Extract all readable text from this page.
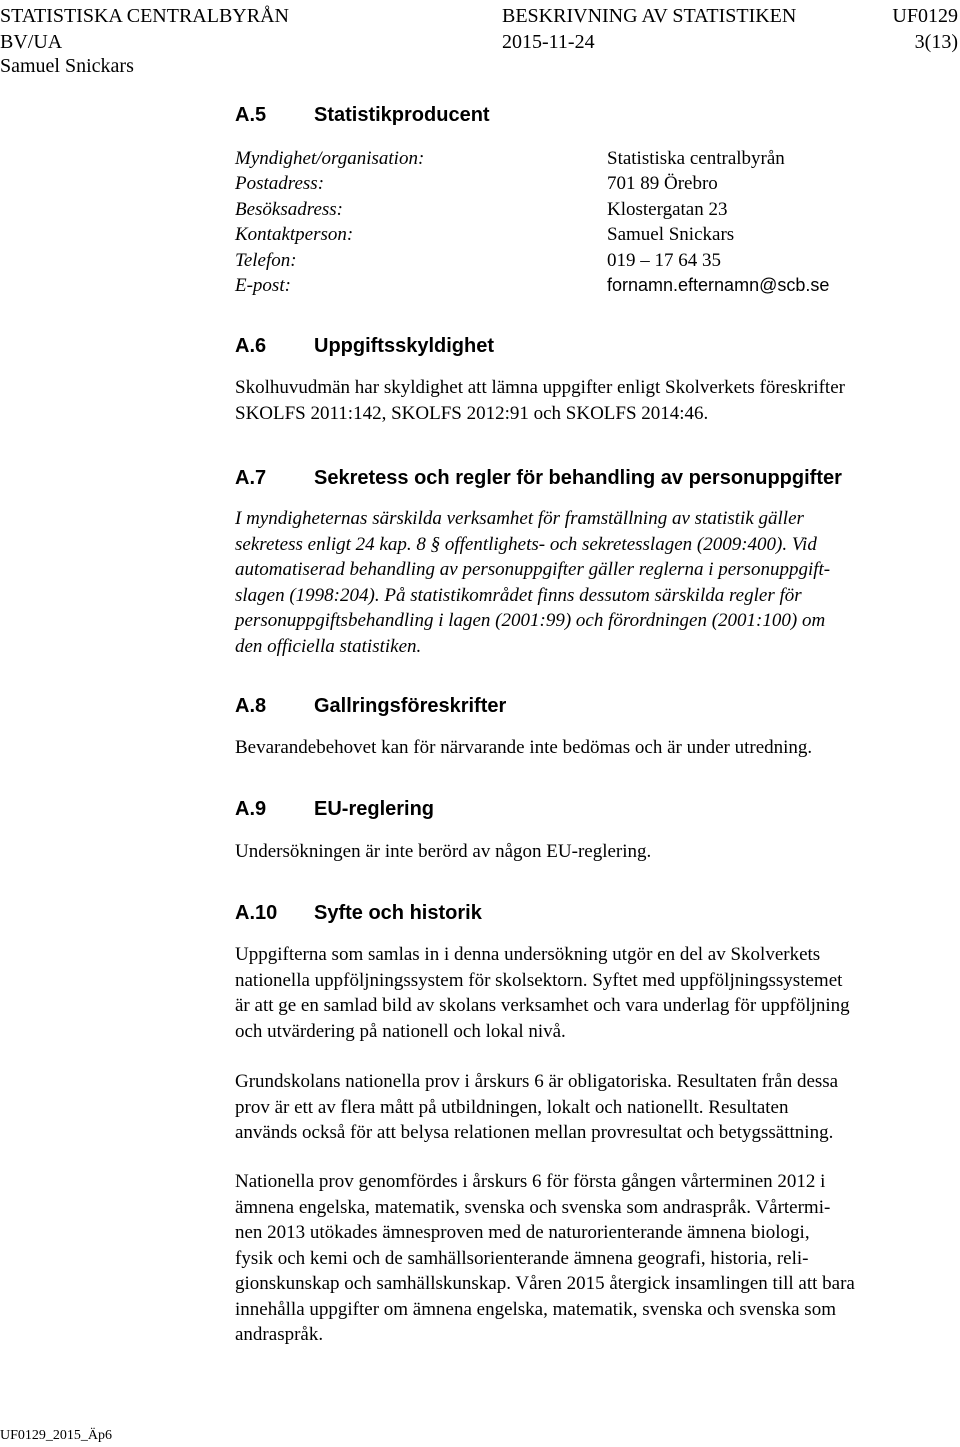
STATISTISKA CENTRALBYRÅN	BESKRIVNING AV STATISTIKEN	UF0129
BV/UA	2015-11-24	3(13)
Samuel Snickars
A.5 Statistikproducent
Myndighet/organisation:	Statistiska centralbyrån
Postadress:	701 89 Örebro
Besöksadress:	Klostergatan 23
Kontaktperson:	Samuel Snickars
Telefon:	019 – 17 64 35
E-post:	fornamn.efternamn@scb.se
A.6 Uppgiftsskyldighet
Skolhuvudmän har skyldighet att lämna uppgifter enligt Skolverkets föreskrifter
SKOLFS 2011:142, SKOLFS 2012:91 och SKOLFS 2014:46.
A.7 Sekretess och regler för behandling av personuppgifter
I myndigheternas särskilda verksamhet för framställning av statistik gäller
sekretess enligt 24 kap. 8 § offentlighets- och sekretesslagen (2009:400). Vid
automatiserad behandling av personuppgifter gäller reglerna i personuppgift-
slagen (1998:204). På statistikområdet finns dessutom särskilda regler för
personuppgiftsbehandling i lagen (2001:99) och förordningen (2001:100) om
den officiella statistiken.
A.8 Gallringsföreskrifter
Bevarandebehovet kan för närvarande inte bedömas och är under utredning.
A.9 EU-reglering
Undersökningen är inte berörd av någon EU-reglering.
A.10 Syfte och historik
Uppgifterna som samlas in i denna undersökning utgör en del av Skolverkets
nationella uppföljningssystem för skolsektorn. Syftet med uppföljningssystemet
är att ge en samlad bild av skolans verksamhet och vara underlag för uppföljning
och utvärdering på nationell och lokal nivå.
Grundskolans nationella prov i årskurs 6 är obligatoriska. Resultaten från dessa
prov är ett av flera mått på utbildningen, lokalt och nationellt. Resultaten
används också för att belysa relationen mellan provresultat och betygssättning.
Nationella prov genomfördes i årskurs 6 för första gången vårterminen 2012 i
ämnena engelska, matematik, svenska och svenska som andraspråk. Vårtermi-
nen 2013 utökades ämnesproven med de naturorienterande ämnena biologi,
fysik och kemi och de samhällsorienterande ämnena geografi, historia, reli-
gionskunskap och samhällskunskap. Våren 2015 återgick insamlingen till att bara
innehålla uppgifter om ämnena engelska, matematik, svenska och svenska som
andraspråk.
UF0129_2015_Äp6
